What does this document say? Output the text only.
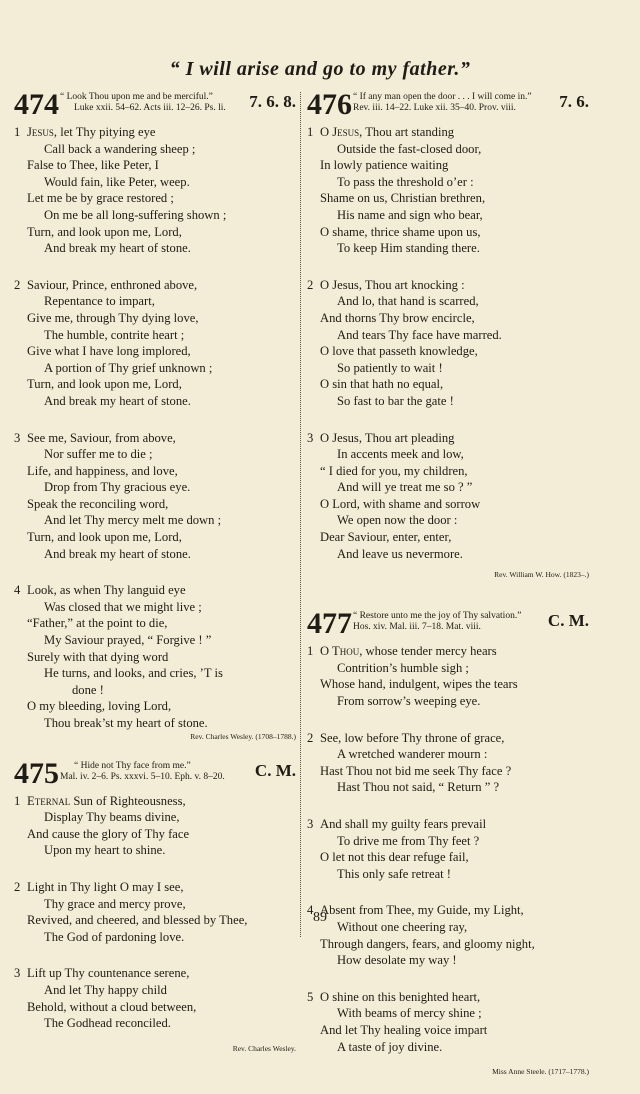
“ I will arise and go to my father.”
474 “ Look Thou upon me and be merciful.”
Luke xxii. 54–62. Acts iii. 12–26. Ps. li.	7. 6. 8.
1 Jesus, let Thy pitying eye
Call back a wandering sheep ;
False to Thee, like Peter, I
Would fain, like Peter, weep.
Let me be by grace restored ;
On me be all long-suffering shown ;
Turn, and look upon me, Lord,
And break my heart of stone.
2 Saviour, Prince, enthroned above,
Repentance to impart,
Give me, through Thy dying love,
The humble, contrite heart ;
Give what I have long implored,
A portion of Thy grief unknown ;
Turn, and look upon me, Lord,
And break my heart of stone.
3 See me, Saviour, from above,
Nor suffer me to die ;
Life, and happiness, and love,
Drop from Thy gracious eye.
Speak the reconciling word,
And let Thy mercy melt me down ;
Turn, and look upon me, Lord,
And break my heart of stone.
4 Look, as when Thy languid eye
Was closed that we might live ;
“Father,” at the point to die,
My Saviour prayed, “ Forgive ! ”
Surely with that dying word
He turns, and looks, and cries, ’T is
done !
O my bleeding, loving Lord,
Thou break’st my heart of stone.
Rev. Charles Wesley. (1708–1788.)
475	“ Hide not Thy face from me.”
Mal. iv. 2–6. Ps. xxxvi. 5–10. Eph. v. 8–20.	C. M.
1 Eternal Sun of Righteousness,
Display Thy beams divine,
And cause the glory of Thy face
Upon my heart to shine.
2 Light in Thy light O may I see,
Thy grace and mercy prove,
Revived, and cheered, and blessed by Thee,
The God of pardoning love.
3 Lift up Thy countenance serene,
And let Thy happy child
Behold, without a cloud between,
The Godhead reconciled.
Rev. Charles Wesley.
476 “ If any man open the door . . . I will come in.”
Rev. iii. 14–22. Luke xii. 35–40. Prov. viii.	7. 6.
1 O Jesus, Thou art standing
Outside the fast-closed door,
In lowly patience waiting
To pass the threshold o’er :
Shame on us, Christian brethren,
His name and sign who bear,
O shame, thrice shame upon us,
To keep Him standing there.
2 O Jesus, Thou art knocking :
And lo, that hand is scarred,
And thorns Thy brow encircle,
And tears Thy face have marred.
O love that passeth knowledge,
So patiently to wait !
O sin that hath no equal,
So fast to bar the gate !
3 O Jesus, Thou art pleading
In accents meek and low,
“ I died for you, my children,
And will ye treat me so ? ”
O Lord, with shame and sorrow
We open now the door :
Dear Saviour, enter, enter,
And leave us nevermore.
Rev. William W. How. (1823–.)
477 “ Restore unto me the joy of Thy salvation.”
Hos. xiv. Mal. iii. 7–18. Mat. viii.	C. M.
1 O Thou, whose tender mercy hears
Contrition’s humble sigh ;
Whose hand, indulgent, wipes the tears
From sorrow’s weeping eye.
2 See, low before Thy throne of grace,
A wretched wanderer mourn :
Hast Thou not bid me seek Thy face ?
Hast Thou not said, “ Return ” ?
3 And shall my guilty fears prevail
To drive me from Thy feet ?
O let not this dear refuge fail,
This only safe retreat !
4 Absent from Thee, my Guide, my Light,
Without one cheering ray,
Through dangers, fears, and gloomy night,
How desolate my way !
5 O shine on this benighted heart,
With beams of mercy shine ;
And let Thy healing voice impart
A taste of joy divine.
Miss Anne Steele. (1717–1778.)
89
